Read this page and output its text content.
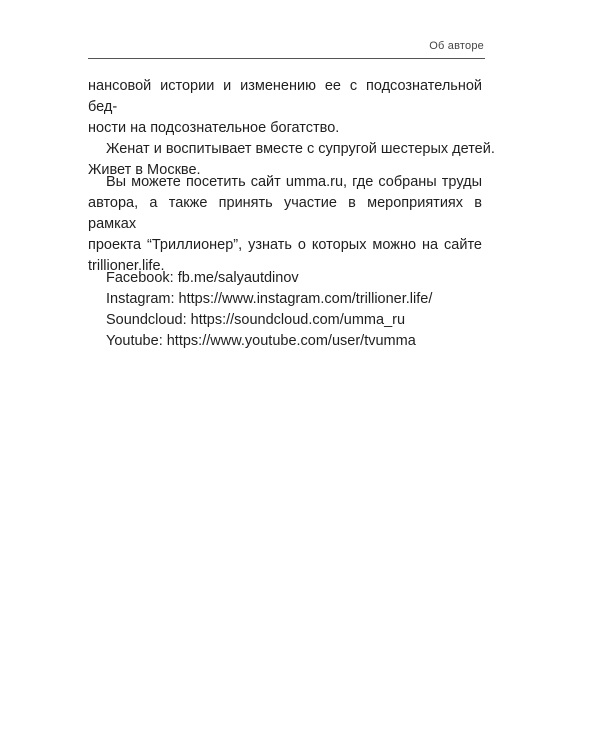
Об авторе
нансовой истории и изменению ее с подсознательной бед-
ности на подсознательное богатство.
Женат и воспитывает вместе с супругой шестерых детей.
Живет в Москве.
Вы можете посетить сайт umma.ru, где собраны труды
автора, а также принять участие в мероприятиях в рамках
проекта “Триллионер”, узнать о которых можно на сайте
trillioner.life.
Facebook: fb.me/salyautdinov
Instagram: https://www.instagram.com/trillioner.life/
Soundcloud: https://soundcloud.com/umma_ru
Youtube: https://www.youtube.com/user/tvumma
